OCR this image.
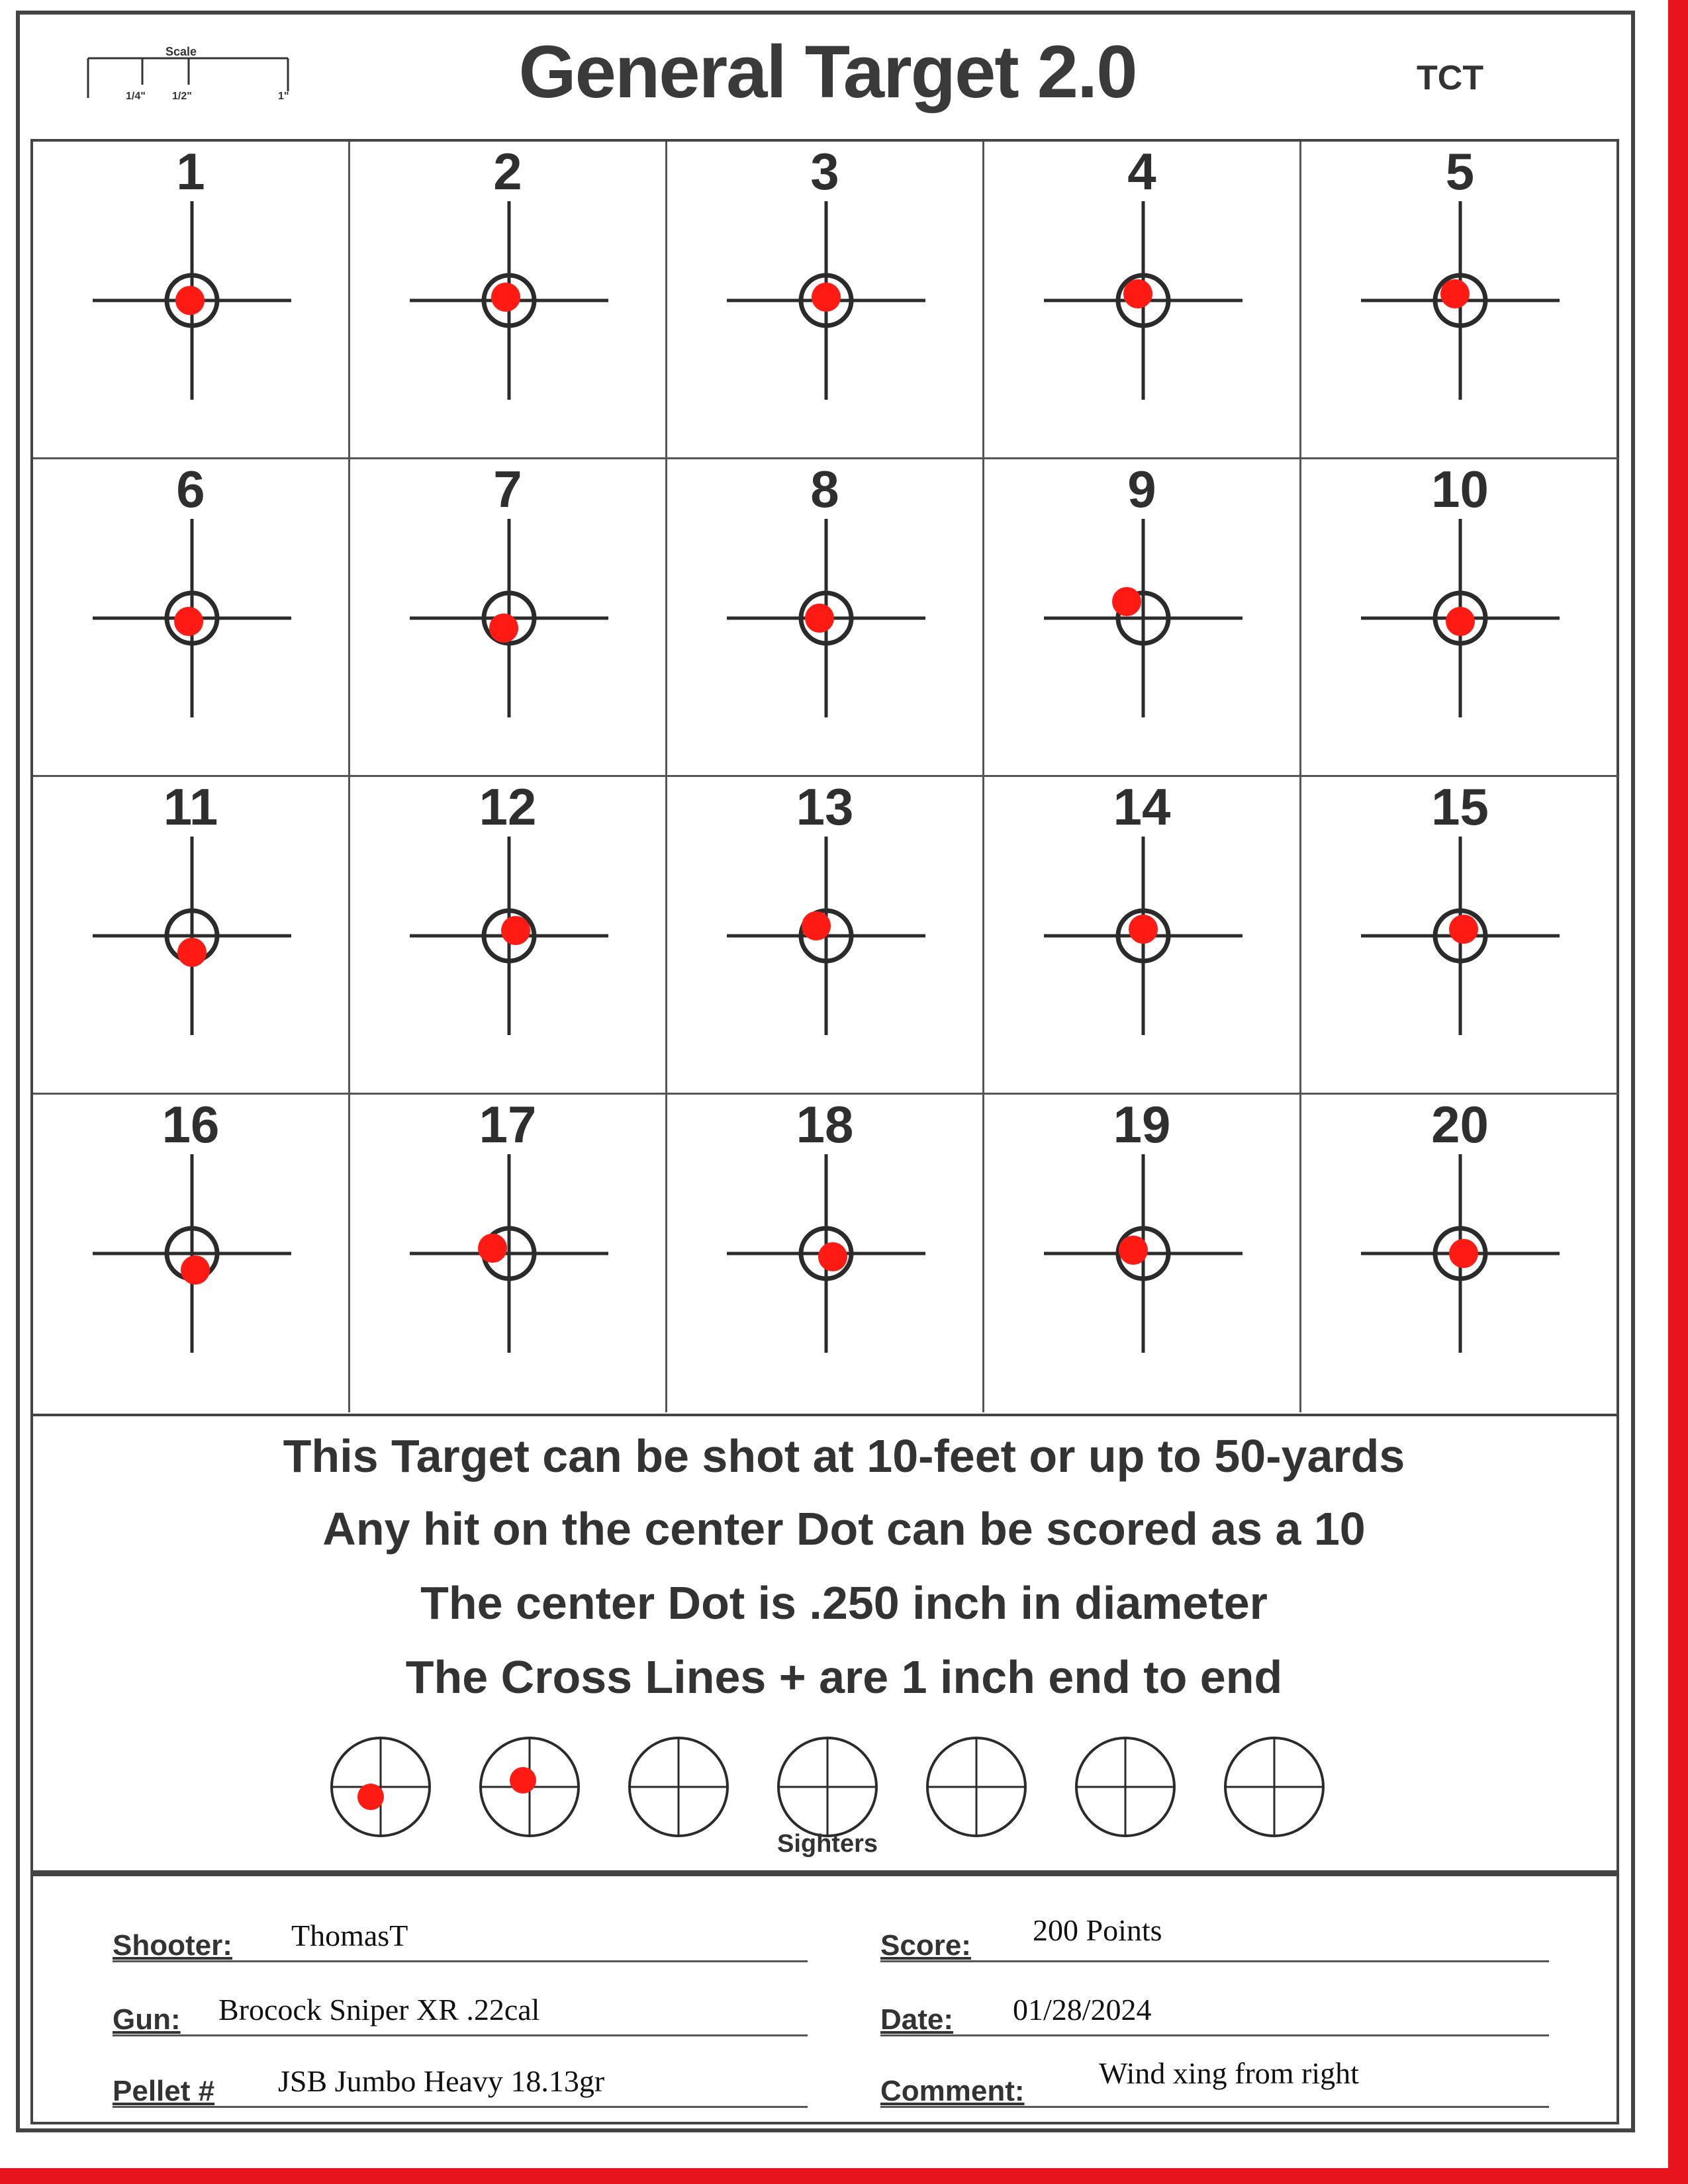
1/4"	1/2"	1"
Scale	General Target 2.0	TCT
1	2	3	4	5
6	7	8	9	10
11	12	13	14	15
16	17	18	19	20
This Target can be shot at 10-feet or up to 50-yards
Any hit on the center Dot can be scored as a 10
The center Dot is .250 inch in diameter
The Cross Lines + are 1 inch end to end
Sighters
Shooter: ThomasT
Gun: Brocock Sniper XR .22cal
Pellet # JSB Jumbo Heavy 18.13gr
Score: 200 Points
Date: 01/28/2024
Comment:
Wind xing from right
